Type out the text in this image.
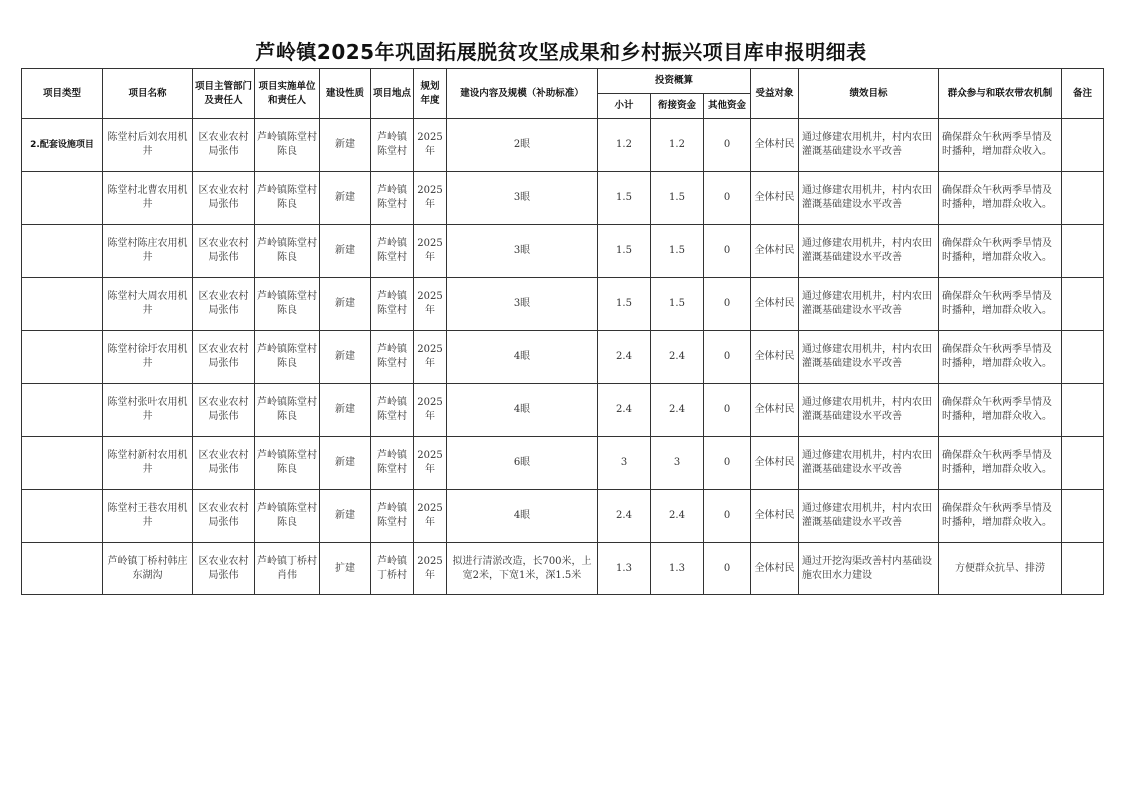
芦岭镇2025年巩固拓展脱贫攻坚成果和乡村振兴项目库申报明细表
项目类型	项目名称	项目主管部门及责任人	项目实施单位和责任人	建设性质	项目地点	规划年度	建设内容及规模（补助标准）	投资概算			受益对象	绩效目标	群众参与和联农带农机制	备注
								小计	衔接资金	其他资金				
2.配套设施项目	陈堂村后刘农用机井	区农业农村局张伟	芦岭镇陈堂村陈良	新建	芦岭镇陈堂村	2025年	2眼	1.2	1.2	0	全体村民	通过修建农用机井，村内农田灌溉基础建设水平改善	确保群众午秋两季旱情及时播种，增加群众收入。	
	陈堂村北曹农用机井	区农业农村局张伟	芦岭镇陈堂村陈良	新建	芦岭镇陈堂村	2025年	3眼	1.5	1.5	0	全体村民	通过修建农用机井，村内农田灌溉基础建设水平改善	确保群众午秋两季旱情及时播种，增加群众收入。	
	陈堂村陈庄农用机井	区农业农村局张伟	芦岭镇陈堂村陈良	新建	芦岭镇陈堂村	2025年	3眼	1.5	1.5	0	全体村民	通过修建农用机井，村内农田灌溉基础建设水平改善	确保群众午秋两季旱情及时播种，增加群众收入。	
	陈堂村大周农用机井	区农业农村局张伟	芦岭镇陈堂村陈良	新建	芦岭镇陈堂村	2025年	3眼	1.5	1.5	0	全体村民	通过修建农用机井，村内农田灌溉基础建设水平改善	确保群众午秋两季旱情及时播种，增加群众收入。	
	陈堂村徐圩农用机井	区农业农村局张伟	芦岭镇陈堂村陈良	新建	芦岭镇陈堂村	2025年	4眼	2.4	2.4	0	全体村民	通过修建农用机井，村内农田灌溉基础建设水平改善	确保群众午秋两季旱情及时播种，增加群众收入。	
	陈堂村张叶农用机井	区农业农村局张伟	芦岭镇陈堂村陈良	新建	芦岭镇陈堂村	2025年	4眼	2.4	2.4	0	全体村民	通过修建农用机井，村内农田灌溉基础建设水平改善	确保群众午秋两季旱情及时播种，增加群众收入。	
	陈堂村新村农用机井	区农业农村局张伟	芦岭镇陈堂村陈良	新建	芦岭镇陈堂村	2025年	6眼	3	3	0	全体村民	通过修建农用机井，村内农田灌溉基础建设水平改善	确保群众午秋两季旱情及时播种，增加群众收入。	
	陈堂村王巷农用机井	区农业农村局张伟	芦岭镇陈堂村陈良	新建	芦岭镇陈堂村	2025年	4眼	2.4	2.4	0	全体村民	通过修建农用机井，村内农田灌溉基础建设水平改善	确保群众午秋两季旱情及时播种，增加群众收入。	
	芦岭镇丁桥村韩庄东湖沟	区农业农村局张伟	芦岭镇丁桥村 肖伟	扩建	芦岭镇丁桥村	2025年	拟进行清淤改造，长700米，上宽2米，下宽1米，深1.5米	1.3	1.3	0	全体村民	通过开挖沟渠改善村内基础设施农田水力建设	方便群众抗旱、排涝	
